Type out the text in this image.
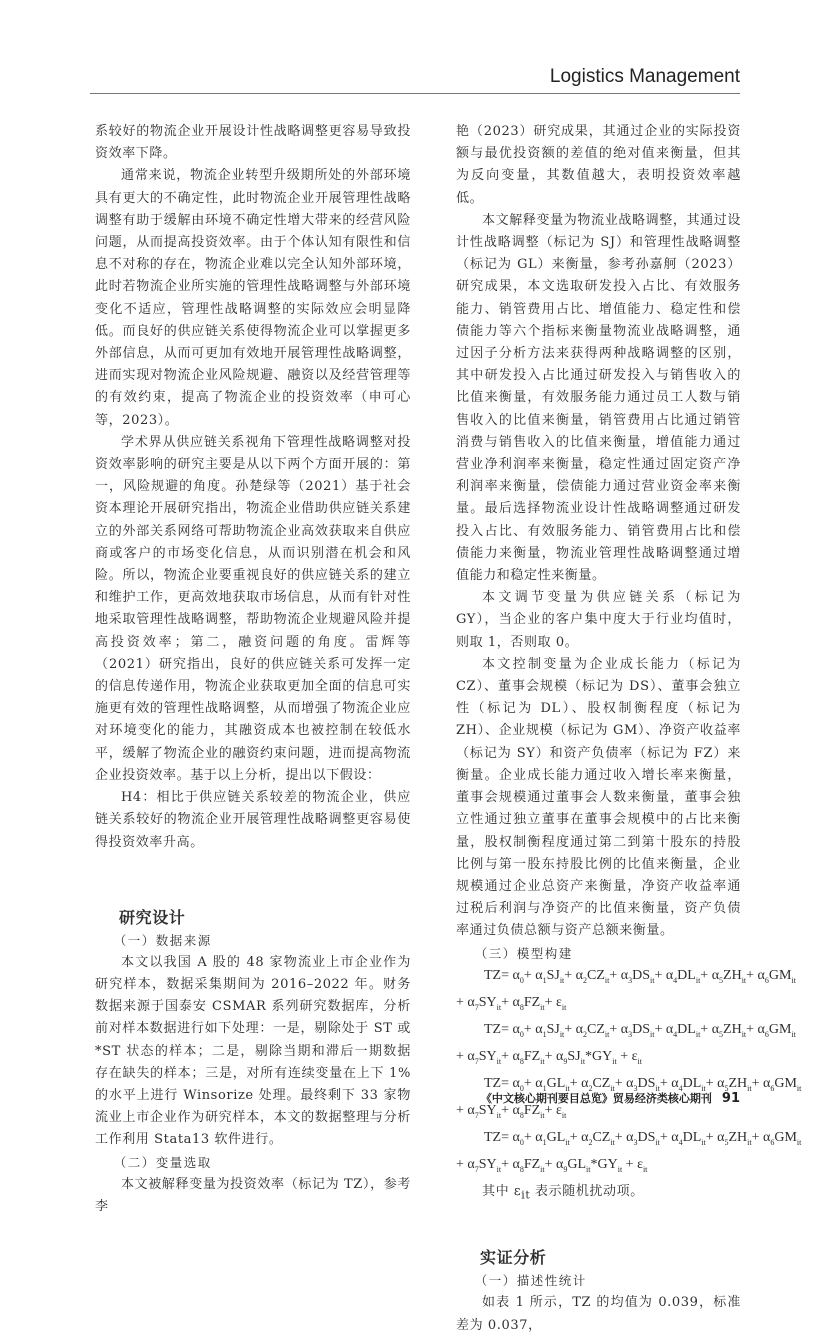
Logistics Management

系较好的物流企业开展设计性战略调整更容易导致投资效率下降。

通常来说，物流企业转型升级期所处的外部环境具有更大的不确定性，此时物流企业开展管理性战略调整有助于缓解由环境不确定性增大带来的经营风险问题，从而提高投资效率。由于个体认知有限性和信息不对称的存在，物流企业难以完全认知外部环境，此时若物流企业所实施的管理性战略调整与外部环境变化不适应，管理性战略调整的实际效应会明显降低。而良好的供应链关系使得物流企业可以掌握更多外部信息，从而可更加有效地开展管理性战略调整，进而实现对物流企业风险规避、融资以及经营管理等的有效约束，提高了物流企业的投资效率（申可心等，2023）。

学术界从供应链关系视角下管理性战略调整对投资效率影响的研究主要是从以下两个方面开展的：第一，风险规避的角度。孙楚绿等（2021）基于社会资本理论开展研究指出，物流企业借助供应链关系建立的外部关系网络可帮助物流企业高效获取来自供应商或客户的市场变化信息，从而识别潜在机会和风险。所以，物流企业要重视良好的供应链关系的建立和维护工作，更高效地获取市场信息，从而有针对性地采取管理性战略调整，帮助物流企业规避风险并提高投资效率；第二，融资问题的角度。雷辉等（2021）研究指出，良好的供应链关系可发挥一定的信息传递作用，物流企业获取更加全面的信息可实施更有效的管理性战略调整，从而增强了物流企业应对环境变化的能力，其融资成本也被控制在较低水平，缓解了物流企业的融资约束问题，进而提高物流企业投资效率。基于以上分析，提出以下假设：

H4：相比于供应链关系较差的物流企业，供应链关系较好的物流企业开展管理性战略调整更容易使得投资效率升高。

研究设计
（一）数据来源

本文以我国 A 股的 48 家物流业上市企业作为研究样本，数据采集期间为 2016–2022 年。财务数据来源于国泰安 CSMAR 系列研究数据库，分析前对样本数据进行如下处理：一是，剔除处于 ST 或 *ST 状态的样本；二是，剔除当期和滞后一期数据存在缺失的样本；三是，对所有连续变量在上下 1% 的水平上进行 Winsorize 处理。最终剩下 33 家物流业上市企业作为研究样本，本文的数据整理与分析工作利用 Stata13 软件进行。

（二）变量选取

本文被解释变量为投资效率（标记为 TZ），参考李

艳（2023）研究成果，其通过企业的实际投资额与最优投资额的差值的绝对值来衡量，但其为反向变量，其数值越大，表明投资效率越低。

本文解释变量为物流业战略调整，其通过设计性战略调整（标记为 SJ）和管理性战略调整（标记为 GL）来衡量，参考孙嘉舸（2023）研究成果，本文选取研发投入占比、有效服务能力、销管费用占比、增值能力、稳定性和偿债能力等六个指标来衡量物流业战略调整，通过因子分析方法来获得两种战略调整的区别，其中研发投入占比通过研发投入与销售收入的比值来衡量，有效服务能力通过员工人数与销售收入的比值来衡量，销管费用占比通过销管消费与销售收入的比值来衡量，增值能力通过营业净利润率来衡量，稳定性通过固定资产净利润率来衡量，偿债能力通过营业资金率来衡量。最后选择物流业设计性战略调整通过研发投入占比、有效服务能力、销管费用占比和偿债能力来衡量，物流业管理性战略调整通过增值能力和稳定性来衡量。

本文调节变量为供应链关系（标记为 GY），当企业的客户集中度大于行业均值时，则取 1，否则取 0。

本文控制变量为企业成长能力（标记为 CZ）、董事会规模（标记为 DS）、董事会独立性（标记为 DL）、股权制衡程度（标记为 ZH）、企业规模（标记为 GM）、净资产收益率（标记为 SY）和资产负债率（标记为 FZ）来衡量。企业成长能力通过收入增长率来衡量，董事会规模通过董事会人数来衡量，董事会独立性通过独立董事在董事会规模中的占比来衡量，股权制衡程度通过第二到第十股东的持股比例与第一股东持股比例的比值来衡量，企业规模通过企业总资产来衡量，净资产收益率通过税后利润与净资产的比值来衡量，资产负债率通过负债总额与资产总额来衡量。

（三）模型构建
$TZ= \alpha_0+ \alpha_1SJ_{it}+ \alpha_2CZ_{it}+ \alpha_3DS_{it}+ \alpha_4DL_{it}+ \alpha_5ZH_{it}+ \alpha_6GM_{it}$
+ $\alpha_7SY_{it}+ \alpha_8FZ_{it}+ \varepsilon_{it}$
$TZ= \alpha_0+ \alpha_1SJ_{it}+ \alpha_2CZ_{it}+ \alpha_3DS_{it}+ \alpha_4DL_{it}+ \alpha_5ZH_{it}+ \alpha_6GM_{it}$
+ $\alpha_7SY_{it}+ \alpha_8FZ_{it}+ \alpha_9SJ_{it}*GY_{it} + \varepsilon_{it}$
$TZ= \alpha_0+ \alpha_1GL_{it}+ \alpha_2CZ_{it}+ \alpha_3DS_{it}+ \alpha_4DL_{it}+ \alpha_5ZH_{it}+ \alpha_6GM_{it}$
+ $\alpha_7SY_{it}+ \alpha_8FZ_{it}+ \varepsilon_{it}$
$TZ= \alpha_0+ \alpha_1GL_{it}+ \alpha_2CZ_{it}+ \alpha_3DS_{it}+ \alpha_4DL_{it}+ \alpha_5ZH_{it}+ \alpha_6GM_{it}$
+ $\alpha_7SY_{it}+ \alpha_8FZ_{it}+ \alpha_9GL_{it}*GY_{it} + \varepsilon_{it}$

其中 $\varepsilon_{it}$ 表示随机扰动项。

实证分析
（一）描述性统计

如表 1 所示，TZ 的均值为 0.039，标准差为 0.037，

《中文核心期刊要目总览》贸易经济类核心期刊 91
